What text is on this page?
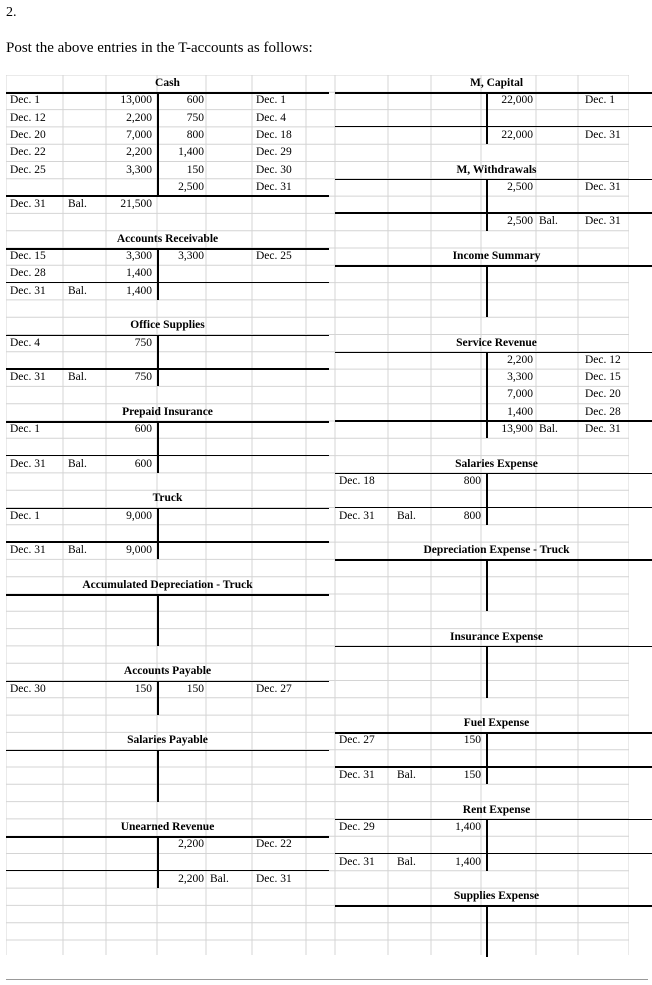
2.
Post the above entries in the T-accounts as follows:
Cash
Dec. 1	13,000	600	Dec. 1
Dec. 12	2,200	750	Dec. 4
Dec. 20	7,000	800	Dec. 18
Dec. 22	2,200	1,400	Dec. 29
Dec. 25	3,300	150	Dec. 30
2,500	Dec. 31
Dec. 31	Bal.	21,500
Accounts Receivable
Dec. 15	3,300	3,300	Dec. 25
Dec. 28	1,400
Dec. 31	Bal.	1,400
Office Supplies
Dec. 4	750
Dec. 31	Bal.	750
Prepaid Insurance
Dec. 1	600
Dec. 31	Bal.	600
Truck
Dec. 1	9,000
Dec. 31	Bal.	9,000
Accumulated Depreciation - Truck
Accounts Payable
Dec. 30	150	150	Dec. 27
Salaries Payable
Unearned Revenue
2,200	Dec. 22
2,200 Bal.	Dec. 31
M, Capital
22,000	Dec. 1
22,000	Dec. 31
M, Withdrawals
2,500	Dec. 31
2,500 Bal.	Dec. 31
Income Summary
Service Revenue
2,200	Dec. 12
3,300	Dec. 15
7,000	Dec. 20
1,400	Dec. 28
13,900 Bal.	Dec. 31
Salaries Expense
Dec. 18	800
Dec. 31	Bal.	800
Depreciation Expense - Truck
Insurance Expense
Fuel Expense
Dec. 27	150
Dec. 31	Bal.	150
Rent Expense
Dec. 29	1,400
Dec. 31	Bal.	1,400
Supplies Expense
